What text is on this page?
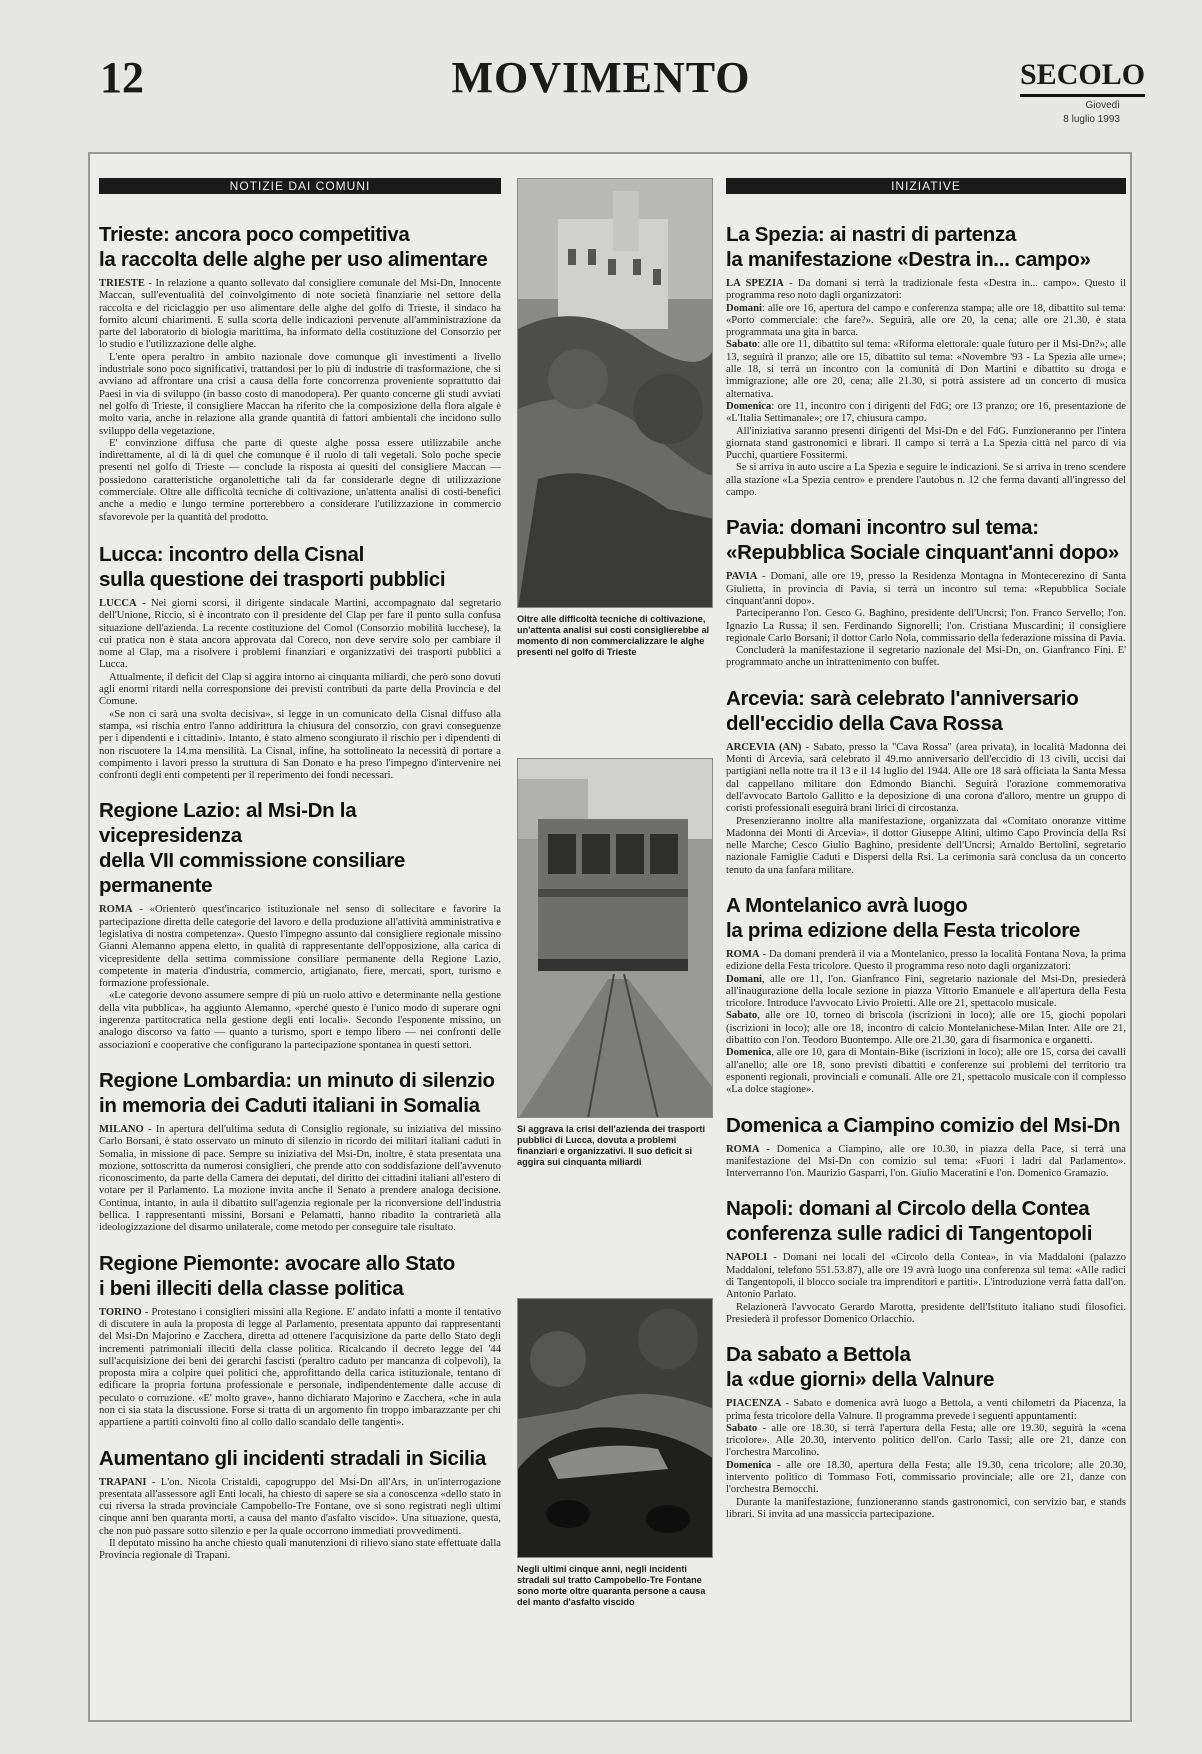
12	MOVIMENTO	SECOLO
Giovedì
8 luglio 1993
NOTIZIE DAI COMUNI
Trieste: ancora poco competitiva
la raccolta delle alghe per uso alimentare

TRIESTE - In relazione a quanto sollevato dal consigliere comunale del Msi-Dn, Innocente Maccan, sull'eventualità del coinvolgimento di note società finanziarie nel settore della raccolta e del riciclaggio per uso alimentare delle alghe del golfo di Trieste, il sindaco ha fornito alcuni chiarimenti. E sulla scorta delle indicazioni pervenute all'amministrazione da parte del laboratorio di biologia marittima, ha informato della costituzione del Consorzio per lo studio e l'utilizzazione delle alghe.

L'ente opera peraltro in ambito nazionale dove comunque gli investimenti a livello industriale sono poco significativi, trattandosi per lo più di industrie di trasformazione, che si avviano ad affrontare una crisi a causa della forte concorrenza proveniente soprattutto dai Paesi in via di sviluppo (in basso costo di manodopera). Per quanto concerne gli studi avviati nel golfo di Trieste, il consigliere Maccan ha riferito che la composizione della flora algale è molto varia, anche in relazione alla grande quantità di fattori ambientali che incidono sullo sviluppo della vegetazione.

E' convinzione diffusa che parte di queste alghe possa essere utilizzabile anche indirettamente, al di là di quel che comunque è il ruolo di tali vegetali. Solo poche specie presenti nel golfo di Trieste — conclude la risposta ai quesiti del consigliere Maccan — possiedono caratteristiche organolettiche tali da far considerarle degne di utilizzazione commerciale. Oltre alle difficoltà tecniche di coltivazione, un'attenta analisi di costi-benefici anche a medio e lungo termine porterebbero a considerare l'utilizzazione in commercio sfavorevole per la quantità del prodotto.

Lucca: incontro della Cisnal
sulla questione dei trasporti pubblici

LUCCA - Nei giorni scorsi, il dirigente sindacale Martini, accompagnato dal segretario dell'Unione, Riccio, si è incontrato con il presidente del Clap per fare il punto sulla confusa situazione dell'azienda. La recente costituzione del Comol (Consorzio mobilità lucchese), la cui pratica non è stata ancora approvata dal Coreco, non deve servire solo per cambiare il nome al Clap, ma a risolvere i problemi finanziari e organizzativi dei trasporti pubblici a Lucca.

Attualmente, il deficit del Clap si aggira intorno ai cinquanta miliardi, che però sono dovuti agli enormi ritardi nella corresponsione dei previsti contributi da parte della Provincia e del Comune.

«Se non ci sarà una svolta decisiva», si legge in un comunicato della Cisnal diffuso alla stampa, «si rischia entro l'anno addirittura la chiusura del consorzio, con gravi conseguenze per i dipendenti e i cittadini». Intanto, è stato almeno scongiurato il rischio per i dipendenti di non riscuotere la 14.ma mensilità. La Cisnal, infine, ha sottolineato la necessità di portare a compimento i lavori presso la struttura di San Donato e ha preso l'impegno d'intervenire nei confronti degli enti competenti per il reperimento dei fondi necessari.

Regione Lazio: al Msi-Dn la vicepresidenza
della VII commissione consiliare permanente

ROMA - «Orienterò quest'incarico istituzionale nel senso di sollecitare e favorire la partecipazione diretta delle categorie del lavoro e della produzione all'attività amministrativa e legislativa di nostra competenza». Questo l'impegno assunto dal consigliere regionale missino Gianni Alemanno appena eletto, in qualità di rappresentante dell'opposizione, alla carica di vicepresidente della settima commissione consiliare permanente della Regione Lazio, competente in materia d'industria, commercio, artigianato, fiere, mercati, sport, turismo e formazione professionale.

«Le categorie devono assumere sempre di più un ruolo attivo e determinante nella gestione della vita pubblica», ha aggiunto Alemanno, «perché questo è l'unico modo di superare ogni ingerenza partitocratica nella gestione degli enti locali». Secondo l'esponente missino, un analogo discorso va fatto — quanto a turismo, sport e tempo libero — nei confronti delle associazioni e cooperative che configurano la partecipazione spontanea in questi settori.

Regione Lombardia: un minuto di silenzio
in memoria dei Caduti italiani in Somalia

MILANO - In apertura dell'ultima seduta di Consiglio regionale, su iniziativa del missino Carlo Borsani, è stato osservato un minuto di silenzio in ricordo dei militari italiani caduti in Somalia, in missione di pace. Sempre su iniziativa del Msi-Dn, inoltre, è stata presentata una mozione, sottoscritta da numerosi consiglieri, che prende atto con soddisfazione dell'avvenuto riconoscimento, da parte della Camera dei deputati, del diritto dei cittadini italiani all'estero di votare per il Parlamento. La mozione invita anche il Senato a prendere analoga decisione. Continua, intanto, in aula il dibattito sull'agenzia regionale per la riconversione dell'industria bellica. I rappresentanti missini, Borsani e Pelamatti, hanno ribadito la contrarietà alla ideologizzazione del disarmo unilaterale, come metodo per conseguire tale risultato.

Regione Piemonte: avocare allo Stato
i beni illeciti della classe politica

TORINO - Protestano i consiglieri missini alla Regione. E' andato infatti a monte il tentativo di discutere in aula la proposta di legge al Parlamento, presentata appunto dai rappresentanti del Msi-Dn Majorino e Zacchera, diretta ad ottenere l'acquisizione da parte dello Stato degli incrementi patrimoniali illeciti della classe politica. Ricalcando il decreto legge del '44 sull'acquisizione dei beni dei gerarchi fascisti (peraltro caduto per mancanza di colpevoli), la proposta mira a colpire quei politici che, approfittando della carica istituzionale, tentano di edificare la propria fortuna professionale e personale, indipendentemente dalle accuse di peculato o corruzione. «E' molto grave», hanno dichiarato Majorino e Zacchera, «che in aula non ci sia stata la discussione. Forse si tratta di un argomento fin troppo imbarazzante per chi appartiene a partiti coinvolti fino al collo dallo scandalo delle tangenti».

Aumentano gli incidenti stradali in Sicilia

TRAPANI - L'on. Nicola Cristaldi, capogruppo del Msi-Dn all'Ars, in un'interrogazione presentata all'assessore agli Enti locali, ha chiesto di sapere se sia a conoscenza «dello stato in cui riversa la strada provinciale Campobello-Tre Fontane, ove si sono registrati negli ultimi cinque anni ben quaranta morti, a causa del manto d'asfalto viscido». Una situazione, questa, che non può passare sotto silenzio e per la quale occorrono immediati provvedimenti.

Il deputato missino ha anche chiesto quali manutenzioni di rilievo siano state effettuate dalla Provincia regionale di Trapani.

Oltre alle difficoltà tecniche di coltivazione, un'attenta analisi sui costi consiglierebbe al momento di non commercializzare le alghe presenti nel golfo di Trieste
Si aggrava la crisi dell'azienda dei trasporti pubblici di Lucca, dovuta a problemi finanziari e organizzativi. Il suo deficit si aggira sui cinquanta miliardi
Negli ultimi cinque anni, negli incidenti stradali sul tratto Campobello-Tre Fontane sono morte oltre quaranta persone a causa del manto d'asfalto viscido
INIZIATIVE
La Spezia: ai nastri di partenza
la manifestazione «Destra in... campo»

LA SPEZIA - Da domani si terrà la tradizionale festa «Destra in... campo». Questo il programma reso noto dagli organizzatori:

Domani: alle ore 16, apertura del campo e conferenza stampa; alle ore 18, dibattito sul tema: «Porto commerciale: che fare?». Seguirà, alle ore 20, la cena; alle ore 21.30, è stata programmata una gita in barca.

Sabato: alle ore 11, dibattito sul tema: «Riforma elettorale: quale futuro per il Msi-Dn?»; alle 13, seguirà il pranzo; alle ore 15, dibattito sul tema: «Novembre '93 - La Spezia alle urne»; alle 18, si terrà un incontro con la comunità di Don Martini e dibattito su droga e immigrazione; alle ore 20, cena; alle 21.30, si potrà assistere ad un concerto di musica alternativa.

Domenica: ore 11, incontro con i dirigenti del FdG; ore 13 pranzo; ore 16, presentazione de «L'Italia Settimanale»; ore 17, chiusura campo.

All'iniziativa saranno presenti dirigenti del Msi-Dn e del FdG. Funzioneranno per l'intera giornata stand gastronomici e librari. Il campo si terrà a La Spezia città nel parco di via Pucchi, quartiere Fossitermi.

Se si arriva in auto uscire a La Spezia e seguire le indicazioni. Se si arriva in treno scendere alla stazione «La Spezia centro» e prendere l'autobus n. 12 che ferma davanti all'ingresso del campo.

Pavia: domani incontro sul tema:
«Repubblica Sociale cinquant'anni dopo»

PAVIA - Domani, alle ore 19, presso la Residenza Montagna in Montecerezino di Santa Giulietta, in provincia di Pavia, si terrà un incontro sul tema: «Repubblica Sociale cinquant'anni dopo».

Parteciperanno l'on. Cesco G. Baghino, presidente dell'Uncrsi; l'on. Franco Servello; l'on. Ignazio La Russa; il sen. Ferdinando Signorelli; l'on. Cristiana Muscardini; il consigliere regionale Carlo Borsani; il dottor Carlo Nola, commissario della federazione missina di Pavia.

Concluderà la manifestazione il segretario nazionale del Msi-Dn, on. Gianfranco Fini. E' programmato anche un intrattenimento con buffet.

Arcevia: sarà celebrato l'anniversario
dell'eccidio della Cava Rossa

ARCEVIA (AN) - Sabato, presso la "Cava Rossa" (area privata), in località Madonna dei Monti di Arcevia, sarà celebrato il 49.mo anniversario dell'eccidio di 13 civili, uccisi dai partigiani nella notte tra il 13 e il 14 luglio del 1944. Alle ore 18 sarà officiata la Santa Messa dal cappellano militare don Edmondo Bianchi. Seguirà l'orazione commemorativa dell'avvocato Bartolo Gallitto e la deposizione di una corona d'alloro, mentre un gruppo di coristi professionali eseguirà brani lirici di circostanza.

Presenzieranno inoltre alla manifestazione, organizzata dal «Comitato onoranze vittime Madonna dei Monti di Arcevia», il dottor Giuseppe Altini, ultimo Capo Provincia della Rsi nelle Marche; Cesco Giulio Baghino, presidente dell'Uncrsi; Arnaldo Bertolini, segretario nazionale Famiglie Caduti e Dispersi della Rsi. La cerimonia sarà conclusa da un concerto tenuto da una fanfara militare.

A Montelanico avrà luogo
la prima edizione della Festa tricolore

ROMA - Da domani prenderà il via a Montelanico, presso la località Fontana Nova, la prima edizione della Festa tricolore. Questo il programma reso noto dagli organizzatori:

Domani, alle ore 11, l'on. Gianfranco Fini, segretario nazionale del Msi-Dn, presiederà all'inaugurazione della locale sezione in piazza Vittorio Emanuele e all'apertura della Festa tricolore. Introduce l'avvocato Livio Proietti. Alle ore 21, spettacolo musicale.

Sabato, alle ore 10, torneo di briscola (iscrizioni in loco); alle ore 15, giochi popolari (iscrizioni in loco); alle ore 18, incontro di calcio Montelanichese-Milan Inter. Alle ore 21, dibattito con l'on. Teodoro Buontempo. Alle ore 21.30, gara di fisarmonica e organetti.

Domenica, alle ore 10, gara di Montain-Bike (iscrizioni in loco); alle ore 15, corsa dei cavalli all'anello; alle ore 18, sono previsti dibattiti e conferenze sui problemi del territorio tra esponenti regionali, provinciali e comunali. Alle ore 21, spettacolo musicale con il complesso «La dolce stagione».

Domenica a Ciampino comizio del Msi-Dn

ROMA - Domenica a Ciampino, alle ore 10.30, in piazza della Pace, si terrà una manifestazione del Msi-Dn con comizio sul tema: «Fuori i ladri dal Parlamento». Interverranno l'on. Maurizio Gasparri, l'on. Giulio Maceratini e l'on. Domenico Gramazio.

Napoli: domani al Circolo della Contea
conferenza sulle radici di Tangentopoli

NAPOLI - Domani nei locali del «Circolo della Contea», in via Maddaloni (palazzo Maddaloni, telefono 551.53.87), alle ore 19 avrà luogo una conferenza sul tema: «Alle radici di Tangentopoli, il blocco sociale tra imprenditori e partiti». L'introduzione verrà fatta dall'on. Antonio Parlato.

Relazionerà l'avvocato Gerardo Marotta, presidente dell'Istituto italiano studi filosofici. Presiederà il professor Domenico Orlacchio.

Da sabato a Bettola
la «due giorni» della Valnure

PIACENZA - Sabato e domenica avrà luogo a Bettola, a venti chilometri da Piacenza, la prima festa tricolore della Valnure. Il programma prevede i seguenti appuntamenti:

Sabato - alle ore 18.30, si terrà l'apertura della Festa; alle ore 19.30, seguirà la «cena tricolore». Alle 20.30, intervento politico dell'on. Carlo Tassi; alle ore 21, danze con l'orchestra Marcolino.

Domenica - alle ore 18.30, apertura della Festa; alle 19.30, cena tricolore; alle 20.30, intervento politico di Tommaso Foti, commissario provinciale; alle ore 21, danze con l'orchestra Bernocchi.

Durante la manifestazione, funzioneranno stands gastronomici, con servizio bar, e stands librari. Si invita ad una massiccia partecipazione.
